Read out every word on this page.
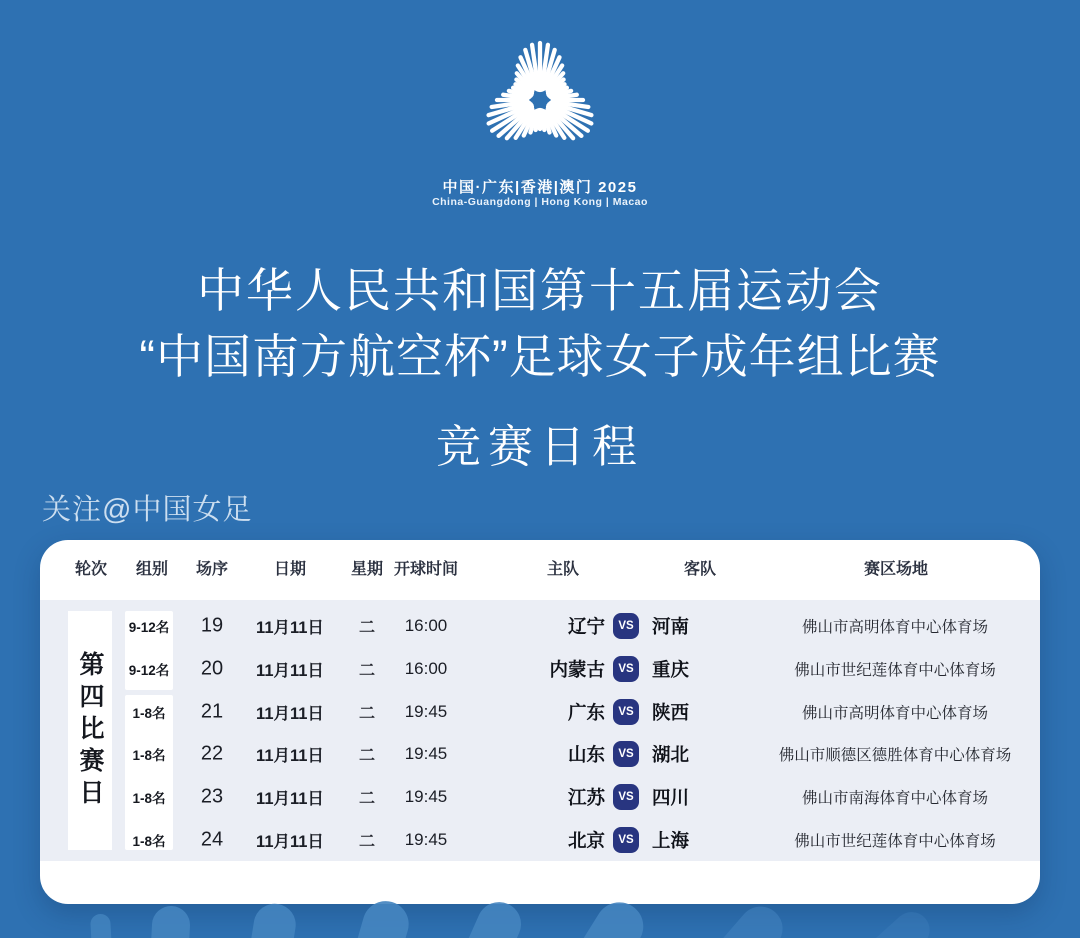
中国·广东|香港|澳门 2025
China-Guangdong | Hong Kong | Macao
中华人民共和国第十五届运动会
“中国南方航空杯”足球女子成年组比赛
竞赛日程
关注@中国女足
轮次 组别 场序	日期	星期 开球时间	主队	客队	赛区场地
第四比赛日
9-12名	19	11月11日	二	16:00	辽宁	VS 河南	佛山市高明体育中心体育场
9-12名	20	11月11日	二	16:00	内蒙古	VS 重庆	佛山市世纪莲体育中心体育场
1-8名	21	11月11日	二	19:45	广东	VS 陕西	佛山市高明体育中心体育场
1-8名	22	11月11日	二	19:45	山东	VS 湖北	佛山市顺德区德胜体育中心体育场
1-8名	23	11月11日	二	19:45	江苏	VS 四川	佛山市南海体育中心体育场
1-8名	24	11月11日	二	19:45	北京	VS 上海	佛山市世纪莲体育中心体育场
